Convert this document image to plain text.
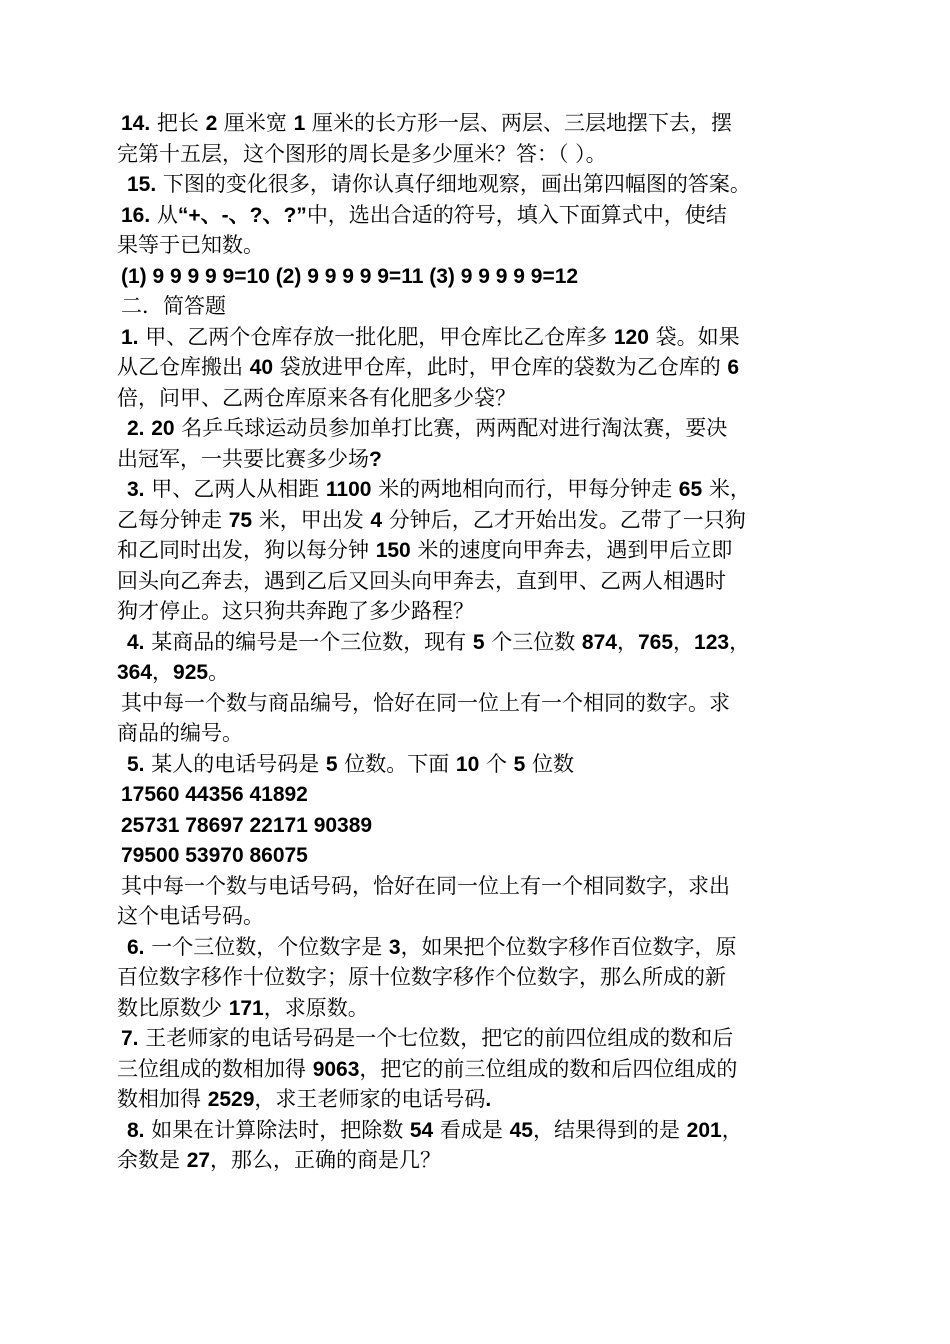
14. 把长 2 厘米宽 1 厘米的长方形一层、两层、三层地摆下去，摆
完第十五层，这个图形的周长是多少厘米？答：（ ）。
15. 下图的变化很多，请你认真仔细地观察，画出第四幅图的答案。
16. 从“+、-、?、?”中，选出合适的符号，填入下面算式中，使结
果等于已知数。
(1) 9 9 9 9 9=10 (2) 9 9 9 9 9=11 (3) 9 9 9 9 9=12
二．简答题
1. 甲、乙两个仓库存放一批化肥，甲仓库比乙仓库多 120 袋。如果
从乙仓库搬出 40 袋放进甲仓库，此时，甲仓库的袋数为乙仓库的 6
倍，问甲、乙两仓库原来各有化肥多少袋？
2. 20 名乒乓球运动员参加单打比赛，两两配对进行淘汰赛，要决
出冠军，一共要比赛多少场?
3. 甲、乙两人从相距 1100 米的两地相向而行，甲每分钟走 65 米，
乙每分钟走 75 米，甲出发 4 分钟后，乙才开始出发。乙带了一只狗
和乙同时出发，狗以每分钟 150 米的速度向甲奔去，遇到甲后立即
回头向乙奔去，遇到乙后又回头向甲奔去，直到甲、乙两人相遇时
狗才停止。这只狗共奔跑了多少路程？
4. 某商品的编号是一个三位数，现有 5 个三位数 874，765，123，
364，925。
其中每一个数与商品编号，恰好在同一位上有一个相同的数字。求
商品的编号。
5. 某人的电话号码是 5 位数。下面 10 个 5 位数
17560 44356 41892
25731 78697 22171 90389
79500 53970 86075
其中每一个数与电话号码，恰好在同一位上有一个相同数字，求出
这个电话号码。
6. 一个三位数，个位数字是 3，如果把个位数字移作百位数字，原
百位数字移作十位数字；原十位数字移作个位数字，那么所成的新
数比原数少 171，求原数。
7. 王老师家的电话号码是一个七位数，把它的前四位组成的数和后
三位组成的数相加得 9063，把它的前三位组成的数和后四位组成的
数相加得 2529，求王老师家的电话号码.
8. 如果在计算除法时，把除数 54 看成是 45，结果得到的是 201，
余数是 27，那么，正确的商是几？
